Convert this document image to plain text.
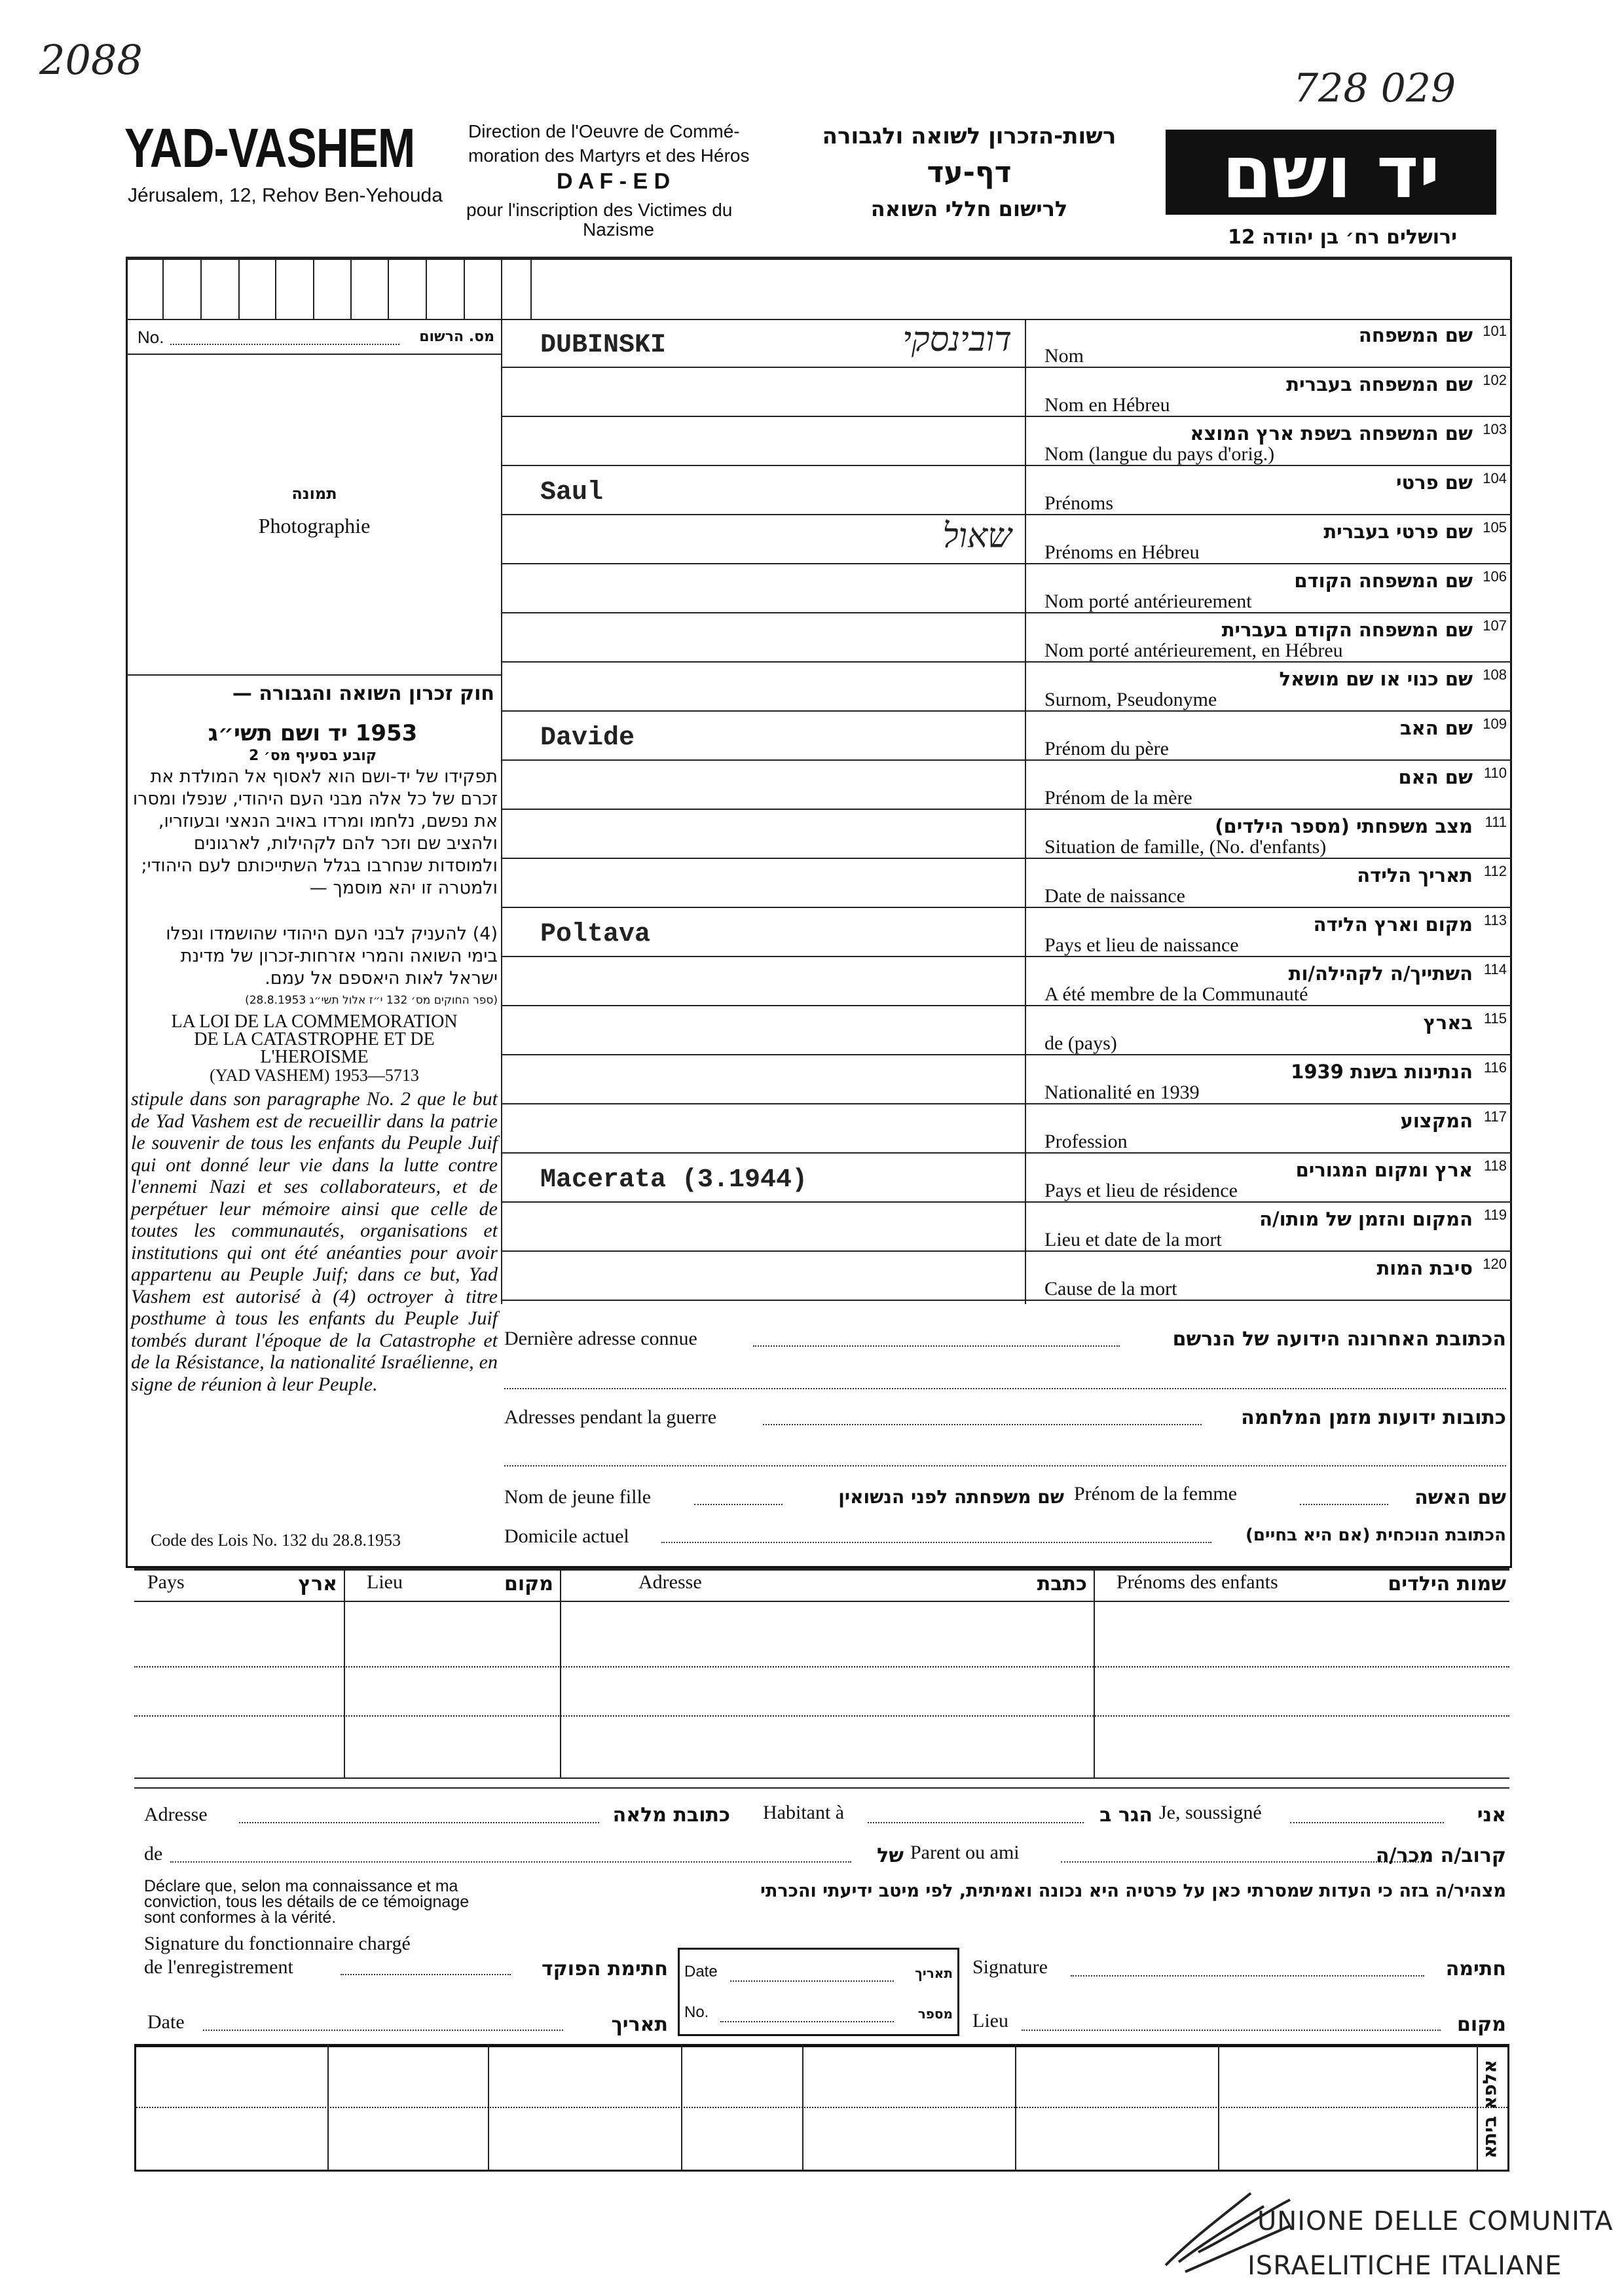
2088
728 029
YAD-VASHEM
Jérusalem, 12, Rehov Ben-Yehouda
Direction de l'Oeuvre de Commé-
moration des Martyrs et des Héros
D A F - E D
pour l'inscription des Victimes du
Nazisme
רשות-הזכרון לשואה ולגבורה
דף-עד
לרישום חללי השואה	יד ושם
ירושלים רח׳ בן יהודה 12
No.	מס. הרשום
תמונה
Photographie
חוק זכרון השואה והגבורה —
1953 יד ושם תשי״ג
קובע בסעיף מס׳ 2
תפקידו של יד-ושם הוא לאסוף אל המולדת את זכרם של כל אלה מבני העם היהודי, שנפלו ומסרו את נפשם, נלחמו ומרדו באויב הנאצי ובעוזריו, ולהציב שם וזכר להם לקהילות, לארגונים ולמוסדות שנחרבו בגלל השתייכותם לעם היהודי; ולמטרה זו יהא מוסמך —
(4) להעניק לבני העם היהודי שהושמדו ונפלו בימי השואה והמרי אזרחות-זכרון של מדינת ישראל לאות היאספם אל עמם.
(ספר החוקים מס׳ 132 י״ז אלול תשי״ג 28.8.1953)
LA LOI DE LA COMMEMORATION
DE LA CATASTROPHE ET DE
L'HEROISME
(YAD VASHEM) 1953—5713
stipule dans son paragraphe No. 2 que le but de Yad Vashem est de recueillir dans la patrie le souvenir de tous les enfants du Peuple Juif qui ont donné leur vie dans la lutte contre l'ennemi Nazi et ses collaborateurs, et de perpétuer leur mémoire ainsi que celle de toutes les communautés, organisations et institutions qui ont été anéanties pour avoir appartenu au Peuple Juif; dans ce but, Yad Vashem est autorisé à (4) octroyer à titre posthume à tous les enfants du Peuple Juif tombés durant l'époque de la Catastrophe et de la Résistance, la nationalité Israélienne, en signe de réunion à leur Peuple.
Code des Lois No. 132 du 28.8.1953
DUBINSKI	דובינסקי	שם המשפחה 101
Nom
שם המשפחה בעברית 102
Nom en Hébreu
שם המשפחה בשפת ארץ המוצא 103
Nom (langue du pays d'orig.)
Saul	שם פרטי 104
Prénoms
שאול	שם פרטי בעברית 105
Prénoms en Hébreu
שם המשפחה הקודם 106
Nom porté antérieurement
שם המשפחה הקודם בעברית 107
Nom porté antérieurement, en Hébreu
שם כנוי או שם מושאל 108
Surnom, Pseudonyme
Davide	שם האב 109
Prénom du père
שם האם 110
Prénom de la mère
מצב משפחתי (מספר הילדים) 111
Situation de famille, (No. d'enfants)
תאריך הלידה 112
Date de naissance
Poltava	מקום וארץ הלידה 113
Pays et lieu de naissance
השתייך/ה לקהילה/ות 114
A été membre de la Communauté
בארץ 115
de (pays)
הנתינות בשנת 1939 116
Nationalité en 1939
המקצוע 117
Profession
Macerata (3.1944)	ארץ ומקום המגורים 118
Pays et lieu de résidence
המקום והזמן של מותו/ה 119
Lieu et date de la mort
סיבת המות 120
Cause de la mort
Dernière adresse connue	הכתובת האחרונה הידועה של הנרשם
Adresses pendant la guerre	כתובות ידועות מזמן המלחמה
Nom de jeune fille	שם משפחתה לפני הנשואין Prénom de la femme	שם האשה
Domicile actuel	הכתובת הנוכחית (אם היא בחיים)
Pays	ארץ Lieu	מקום	Adresse	כתבת Prénoms des enfants	שמות הילדים
Adresse	כתובת מלאה Habitant à	הגר ב Je, soussigné	אני
de	של Parent ou ami	קרוב/ה מכר/ה
Déclare que, selon ma connaissance et ma
conviction, tous les détails de ce témoignage
sont conformes à la vérité.
מצהיר/ה בזה כי העדות שמסרתי כאן על פרטיה היא נכונה ואמיתית, לפי מיטב ידיעתי והכרתי
Signature du fonctionnaire chargé
de l'enregistrement	חתימת הפוקד Date	תאריך
No.	מספר
Signature	חתימה
Date	תאריך	Lieu	מקום
אלפא ביתא
UNIONE DELLE COMUNITA
ISRAELITICHE ITALIANE
